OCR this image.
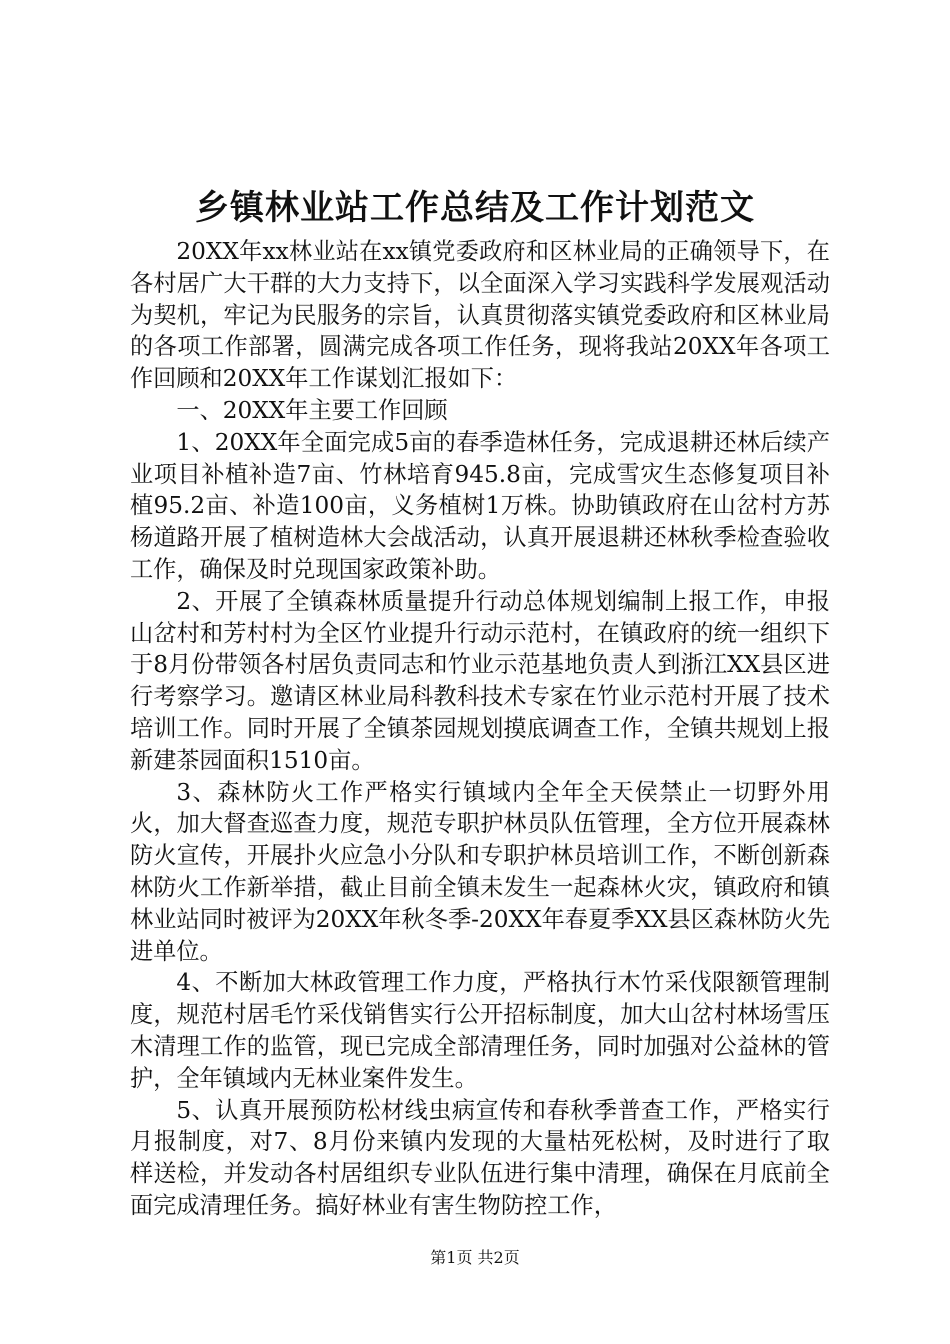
乡镇林业站工作总结及工作计划范文

20XX年xx林业站在xx镇党委政府和区林业局的正确领导下，在各村居广大干群的大力支持下，以全面深入学习实践科学发展观活动为契机，牢记为民服务的宗旨，认真贯彻落实镇党委政府和区林业局的各项工作部署，圆满完成各项工作任务，现将我站20XX年各项工作回顾和20XX年工作谋划汇报如下：

一、20XX年主要工作回顾

1、20XX年全面完成5亩的春季造林任务，完成退耕还林后续产业项目补植补造7亩、竹林培育945.8亩，完成雪灾生态修复项目补植95.2亩、补造100亩，义务植树1万株。协助镇政府在山岔村方苏杨道路开展了植树造林大会战活动，认真开展退耕还林秋季检查验收工作，确保及时兑现国家政策补助。

2、开展了全镇森林质量提升行动总体规划编制上报工作，申报山岔村和芳村村为全区竹业提升行动示范村，在镇政府的统一组织下于8月份带领各村居负责同志和竹业示范基地负责人到浙江XX县区进行考察学习。邀请区林业局科教科技术专家在竹业示范村开展了技术培训工作。同时开展了全镇茶园规划摸底调查工作，全镇共规划上报新建茶园面积1510亩。

3、森林防火工作严格实行镇域内全年全天侯禁止一切野外用火，加大督查巡查力度，规范专职护林员队伍管理，全方位开展森林防火宣传，开展扑火应急小分队和专职护林员培训工作，不断创新森林防火工作新举措，截止目前全镇未发生一起森林火灾，镇政府和镇林业站同时被评为20XX年秋冬季-20XX年春夏季XX县区森林防火先进单位。

4、不断加大林政管理工作力度，严格执行木竹采伐限额管理制度，规范村居毛竹采伐销售实行公开招标制度，加大山岔村林场雪压木清理工作的监管，现已完成全部清理任务，同时加强对公益林的管护，全年镇域内无林业案件发生。

5、认真开展预防松材线虫病宣传和春秋季普查工作，严格实行月报制度，对7、8月份来镇内发现的大量枯死松树，及时进行了取样送检，并发动各村居组织专业队伍进行集中清理，确保在月底前全面完成清理任务。搞好林业有害生物防控工作，

第1页 共2页
